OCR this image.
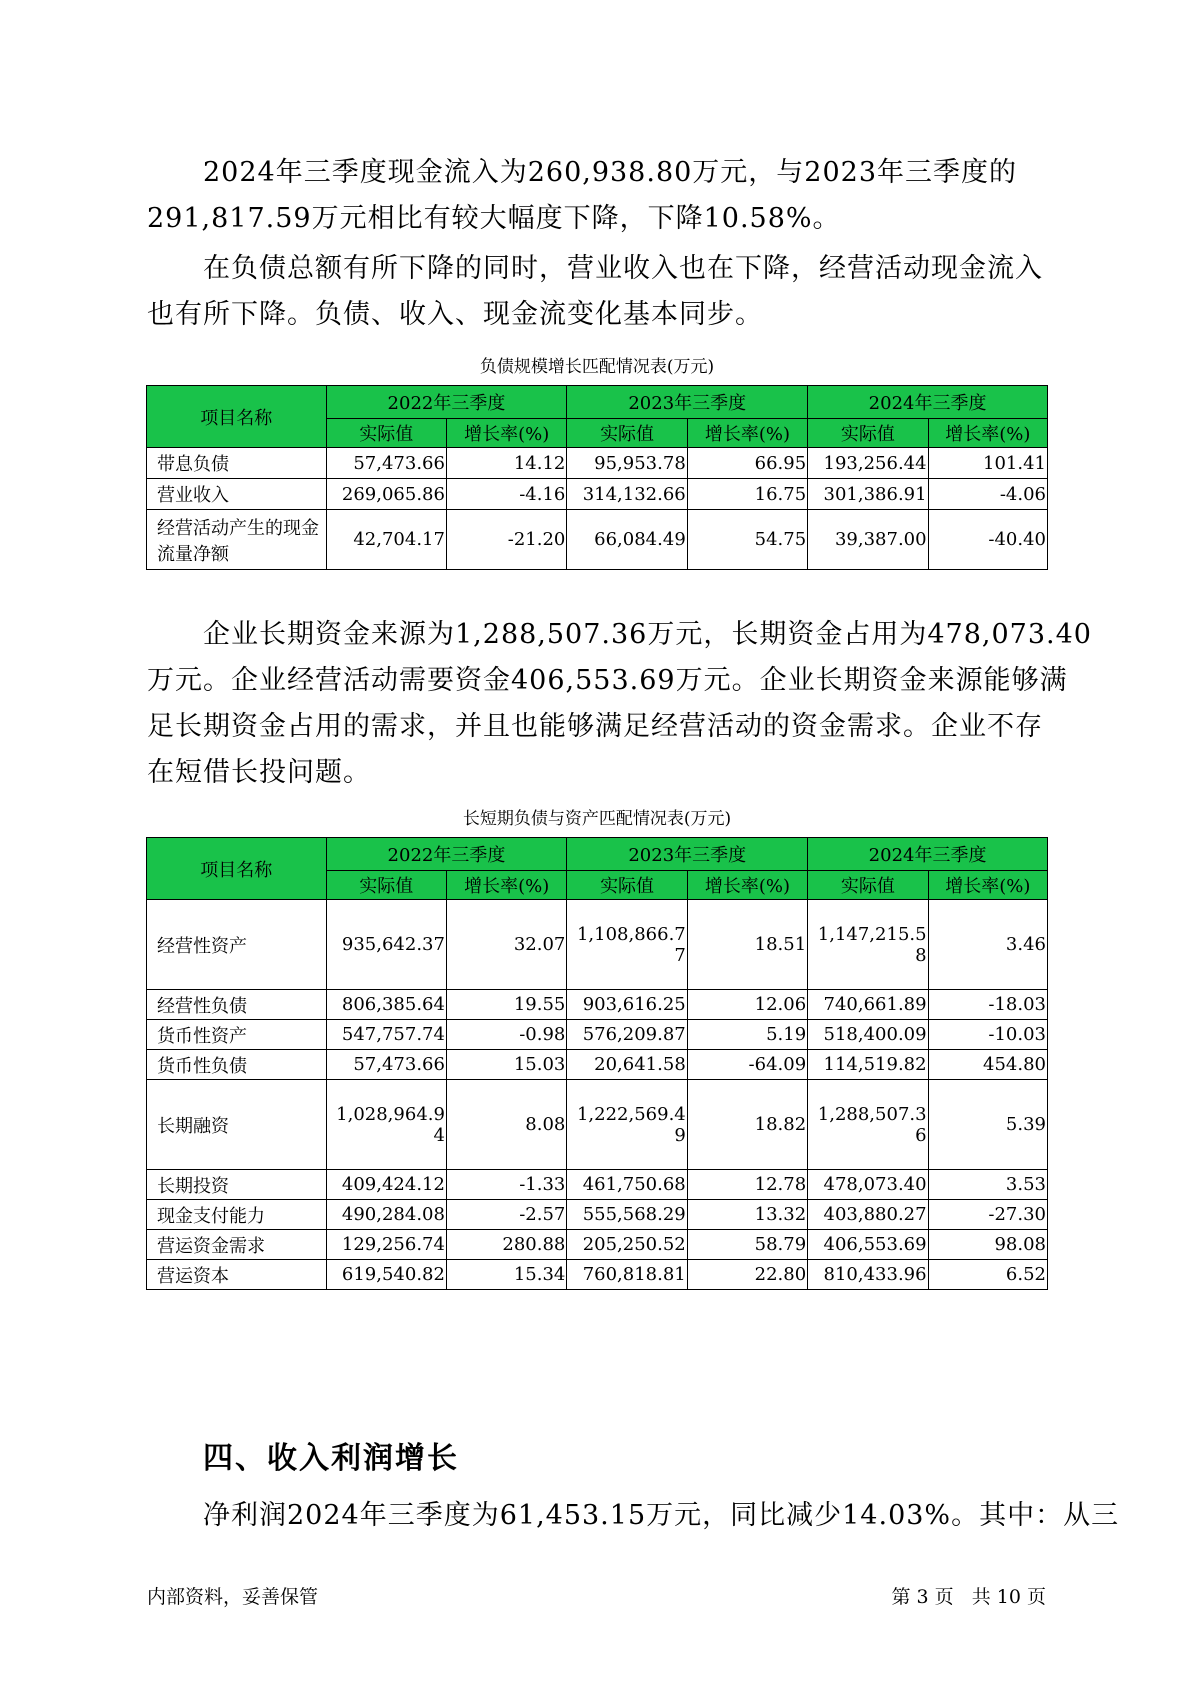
2024年三季度现金流入为260,938.80万元，与2023年三季度的
291,817.59万元相比有较大幅度下降，下降10.58%。

在负债总额有所下降的同时，营业收入也在下降，经营活动现金流入
也有所下降。负债、收入、现金流变化基本同步。

负债规模增长匹配情况表(万元)
项目名称	2022年三季度		2023年三季度		2024年三季度	
	实际值	增长率(%)	实际值	增长率(%)	实际值	增长率(%)
带息负债	57,473.66	14.12	95,953.78	66.95	193,256.44	101.41
营业收入	269,065.86	-4.16	314,132.66	16.75	301,386.91	-4.06
经营活动产生的现金流量净额	42,704.17	-21.20	66,084.49	54.75	39,387.00	-40.40

企业长期资金来源为1,288,507.36万元，长期资金占用为478,073.40
万元。企业经营活动需要资金406,553.69万元。企业长期资金来源能够满
足长期资金占用的需求，并且也能够满足经营活动的资金需求。企业不存
在短借长投问题。

长短期负债与资产匹配情况表(万元)
项目名称	2022年三季度		2023年三季度		2024年三季度	
	实际值	增长率(%)	实际值	增长率(%)	实际值	增长率(%)
经营性资产	935,642.37	32.07	1,108,866.77	18.51	1,147,215.58	3.46
经营性负债	806,385.64	19.55	903,616.25	12.06	740,661.89	-18.03
货币性资产	547,757.74	-0.98	576,209.87	5.19	518,400.09	-10.03
货币性负债	57,473.66	15.03	20,641.58	-64.09	114,519.82	454.80
长期融资	1,028,964.94	8.08	1,222,569.49	18.82	1,288,507.36	5.39
长期投资	409,424.12	-1.33	461,750.68	12.78	478,073.40	3.53
现金支付能力	490,284.08	-2.57	555,568.29	13.32	403,880.27	-27.30
营运资金需求	129,256.74	280.88	205,250.52	58.79	406,553.69	98.08
营运资本	619,540.82	15.34	760,818.81	22.80	810,433.96	6.52
四、收入利润增长

净利润2024年三季度为61,453.15万元，同比减少14.03%。其中：从三

内部资料，妥善保管	第 3 页   共 10 页
